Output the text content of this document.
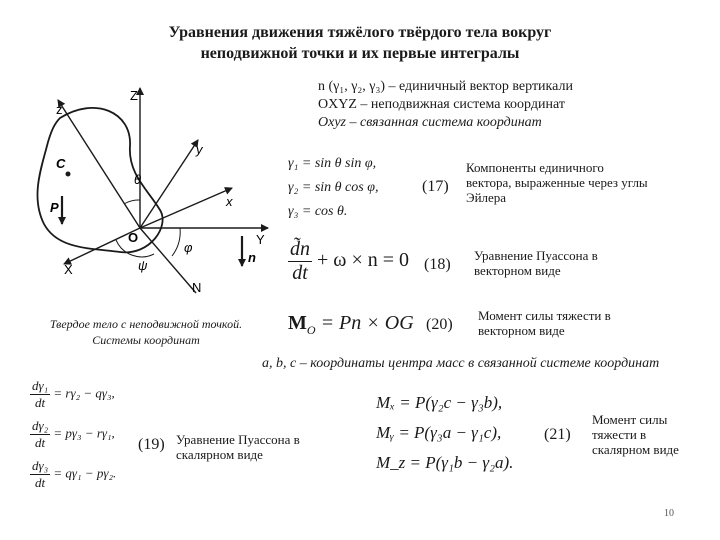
Уравнения движения тяжёлого твёрдого тела вокруг
неподвижной точки и их первые интегралы
n (γ₁, γ₂, γ₃) – единичный вектор вертикали
OXYZ – неподвижная система координат
Oxyz – связанная система координат
z
Z
y
x
Y
X
N
O
C
P
n
θ
φ
ψ
Твердое тело с неподвижной точкой.
Системы координат
γ₁ = sin θ sin φ,
γ₂ = sin θ cos φ,
γ₃ = cos θ.
(17)
Компоненты единичного
вектора, выраженные через углы
Эйлера
$\frac{d̃n}{dt} + \omega \times n = 0$ (18)
Уравнение Пуассона в
векторном виде
$M_O = Pn$ × OG (20)
Момент силы тяжести в
векторном виде
a, b, c – координаты центра масс в связанной системе координат
$\frac{\text{dγ₁}}{dt} = r\gamma_2 - q\gamma_3$,
$\frac{\text{dγ₂}}{dt} = p\gamma_3 - r\gamma_1$,
$\frac{\text{dγ₃}}{dt} = q\gamma_1 - p\gamma_2$.
(19) Уравнение Пуассона в
скалярном виде
Mₓ = P(γ₂c − γ₃b),
Mᵧ = P(γ₃a − γ₁c),
M_z = P(γ₁b − γ₂a).
(21)
Момент силы
тяжести в
скалярном виде
10
